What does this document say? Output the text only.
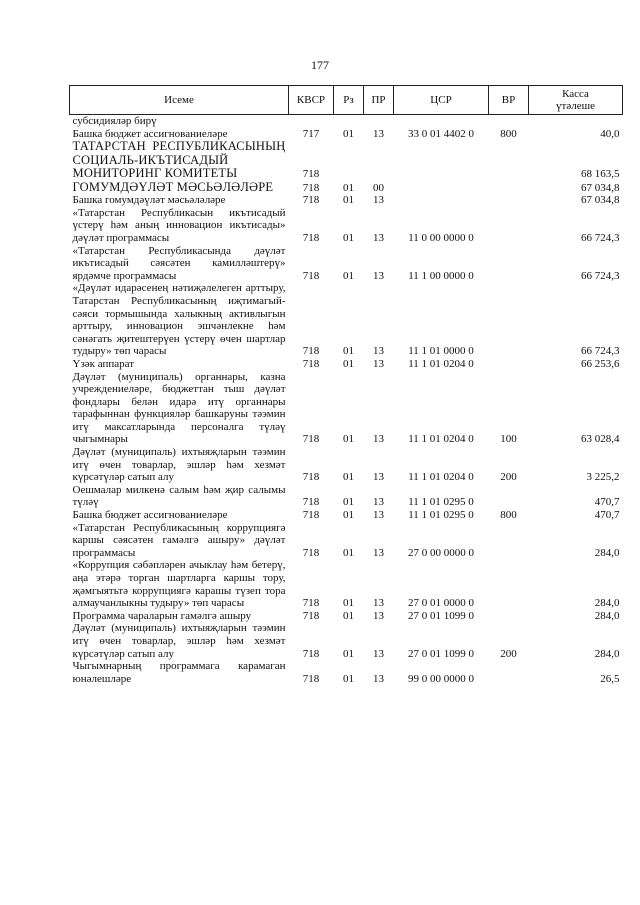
177
Исеме	КВСР	Рз	ПР	ЦСР	ВР	Касса
үтәлеше

субсидияләр бирү						
Башка бюджет ассигнованиеләре	717	01	13	33 0 01 4402 0	800	40,0
ТАТАРСТАН РЕСПУБЛИКАСЫНЫҢ СОЦИАЛЬ-ИКЪТИСАДЫЙ МОНИТОРИНГ КОМИТЕТЫ	718					68 163,5
ГОМУМДӘҮЛӘТ МӘСЬӘЛӘЛӘРЕ	718	01	00			67 034,8
Башка гомумдәүләт мәсьәләләре	718	01	13			67 034,8
«Татарстан Республикасын икътисадый үстерү һәм аның инновацион икътисады» дәүләт программасы	718	01	13	11 0 00 0000 0		66 724,3
«Татарстан Республикасында дәүләт икътисадый сәясәтен камилләштерү» ярдәмче программасы	718	01	13	11 1 00 0000 0		66 724,3
«Дәүләт идарәсенең нәтиҗәлелеген арттыру, Татарстан Республикасының иҗтимагый-сәяси тормышында халыкның активлыгын арттыру, инновацион эшчәнлекне һәм сәнәгать җитештерүен үстерү өчен шартлар тудыру» төп чарасы	718	01	13	11 1 01 0000 0		66 724,3
Үзәк аппарат	718	01	13	11 1 01 0204 0		66 253,6
Дәүләт (муниципаль) органнары, казна учреждениеләре, бюджеттан тыш дәүләт фондлары белән идарә итү органнары тарафыннан функцияләр башкаруны тәэмин итү максатларында персоналга түләү чыгымнары	718	01	13	11 1 01 0204 0	100	63 028,4
Дәүләт (муниципаль) ихтыяҗларын тәэмин итү өчен товарлар, эшләр һәм хезмәт күрсәтүләр сатып алу	718	01	13	11 1 01 0204 0	200	3 225,2
Оешмалар милкенә салым һәм җир салымы түләү	718	01	13	11 1 01 0295 0		470,7
Башка бюджет ассигнованиеләре	718	01	13	11 1 01 0295 0	800	470,7
«Татарстан Республикасының коррупциягә каршы сәясәтен гамәлгә ашыру» дәүләт программасы	718	01	13	27 0 00 0000 0		284,0
«Коррупция сәбәпләрен ачыклау һәм бетерү, аңа этәрә торган шартларга каршы тору, җәмгыятьтә коррупциягә карашы түзеп тора алмаучанлыкны тудыру» төп чарасы	718	01	13	27 0 01 0000 0		284,0
Программа чараларын гамәлгә ашыру	718	01	13	27 0 01 1099 0		284,0
Дәүләт (муниципаль) ихтыяҗларын тәэмин итү өчен товарлар, эшләр һәм хезмәт күрсәтүләр сатып алу	718	01	13	27 0 01 1099 0	200	284,0
Чыгымнарның программага карамаган юнәлешләре	718	01	13	99 0 00 0000 0		26,5
